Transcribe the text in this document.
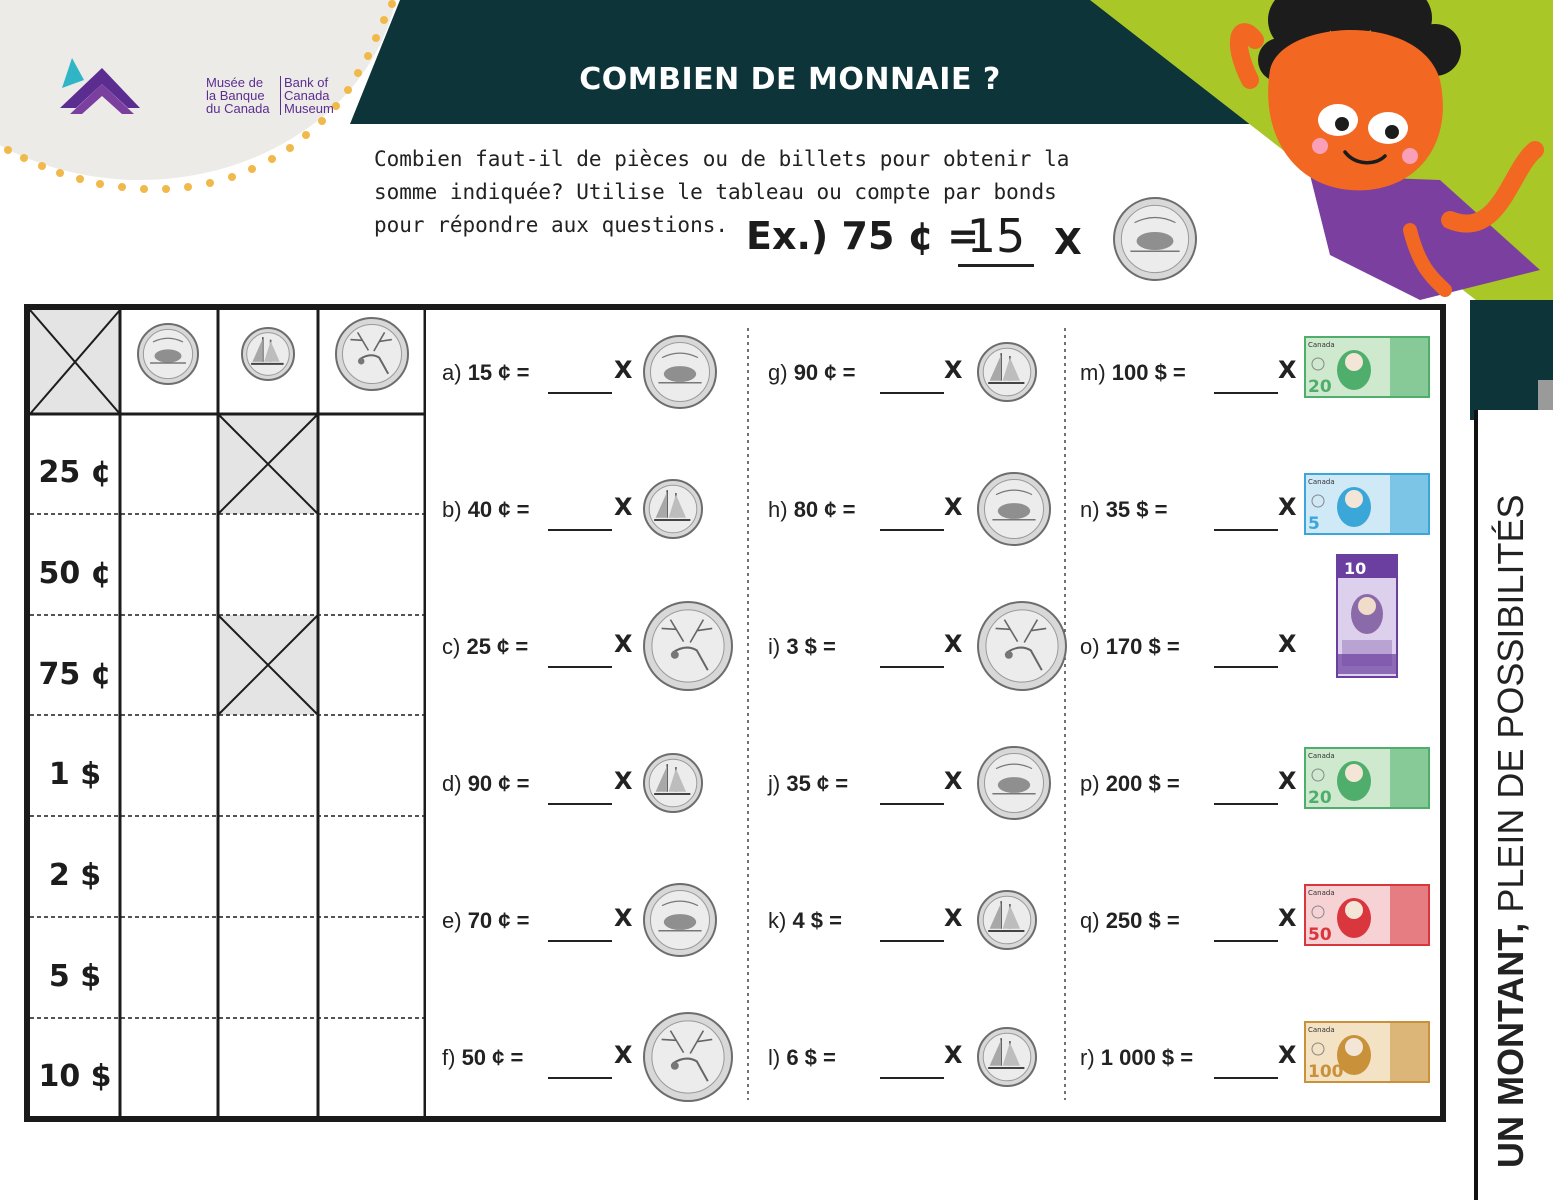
COMBIEN DE MONNAIE ?
UN MONTANT, PLEIN DE POSSIBILITÉS
Musée de
la Banque
du Canada
Bank of
Canada
Museum
Combien faut-il de pièces ou de billets pour obtenir la
somme indiquée? Utilise le tableau ou compte par bonds
pour répondre aux questions. Ex.) 75 ¢ =
15 X
25 ¢
50 ¢
75 ¢
1 $
2 $
5 $
10 $
a) 15 ¢ =	X
b) 40 ¢ =	X
c) 25 ¢ =	X
d) 90 ¢ =	X
e) 70 ¢ =	X
f) 50 ¢ =	X
g) 90 ¢ =	X
h) 80 ¢ =	X
i) 3 $ =	X
j) 35 ¢ =	X
k) 4 $ =	X
l) 6 $ =	X
m) 100 $ =	X
20
Canada
n) 35 $ =	X
5
Canada
o) 170 $ =	X
10
p) 200 $ =	X
20
Canada
q) 250 $ =	X
50
Canada
r) 1 000 $ =	X
100
Canada
